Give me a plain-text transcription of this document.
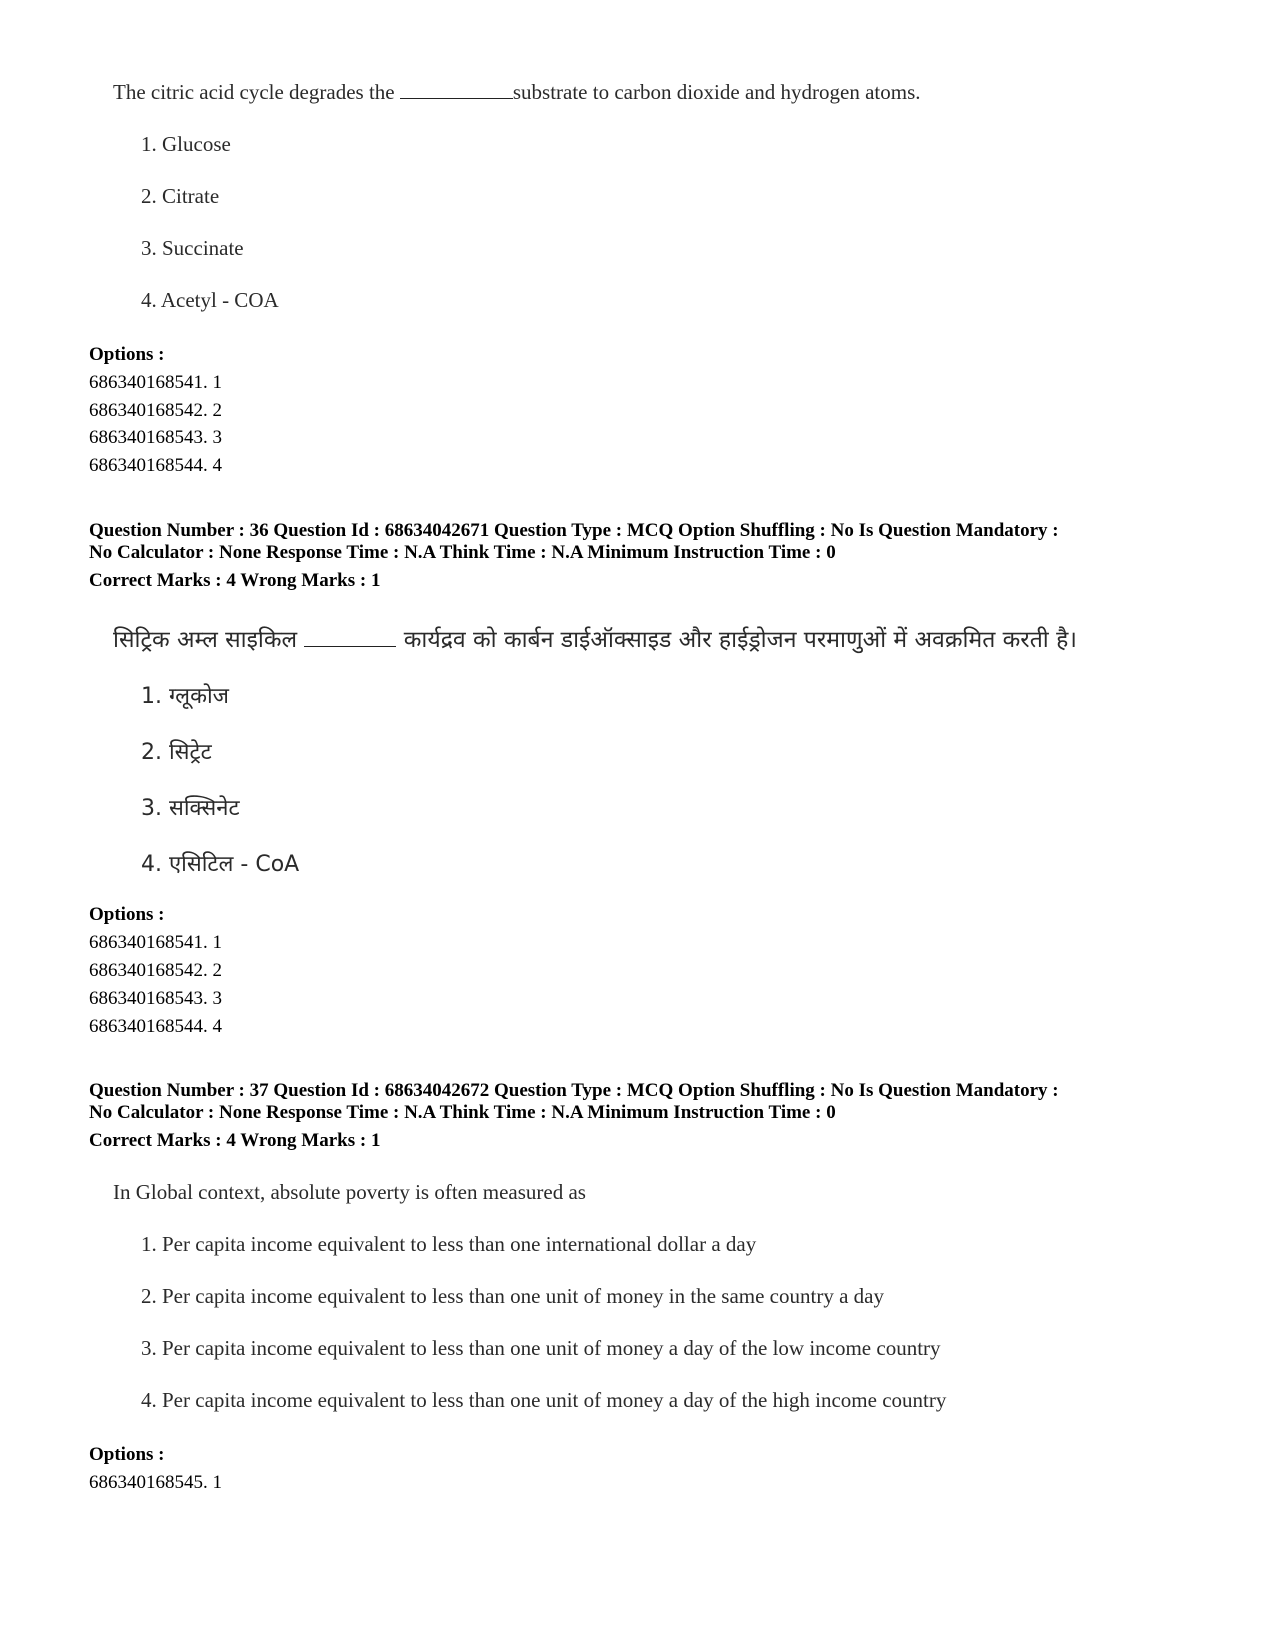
The citric acid cycle degrades the	substrate to carbon dioxide and hydrogen atoms.
1. Glucose
2. Citrate
3. Succinate
4. Acetyl - COA
Options :
686340168541. 1
686340168542. 2
686340168543. 3
686340168544. 4
Question Number : 36 Question Id : 68634042671 Question Type : MCQ Option Shuffling : No Is Question Mandatory :
No Calculator : None Response Time : N.A Think Time : N.A Minimum Instruction Time : 0
Correct Marks : 4 Wrong Marks : 1
सिट्रिक अम्ल साइकिल	कार्यद्रव को कार्बन डाईऑक्साइड और हाईड्रोजन परमाणुओं में अवक्रमित करती है।
1. ग्लूकोज
2. सिट्रेट
3. सक्सिनेट
4. एसिटिल - CoA
Options :
686340168541. 1
686340168542. 2
686340168543. 3
686340168544. 4
Question Number : 37 Question Id : 68634042672 Question Type : MCQ Option Shuffling : No Is Question Mandatory :
No Calculator : None Response Time : N.A Think Time : N.A Minimum Instruction Time : 0
Correct Marks : 4 Wrong Marks : 1
In Global context, absolute poverty is often measured as
1. Per capita income equivalent to less than one international dollar a day
2. Per capita income equivalent to less than one unit of money in the same country a day
3. Per capita income equivalent to less than one unit of money a day of the low income country
4. Per capita income equivalent to less than one unit of money a day of the high income country
Options :
686340168545. 1
